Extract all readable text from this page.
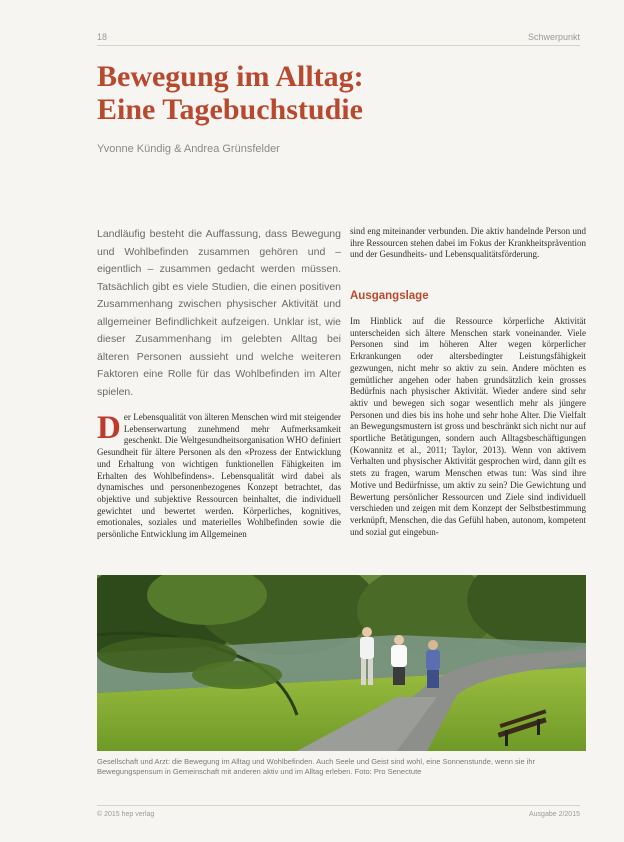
18	Schwerpunkt
Bewegung im Alltag:
Eine Tagebuchstudie
Yvonne Kündig & Andrea Grünsfelder

Landläufig besteht die Auffassung, dass Bewegung und Wohlbefinden zusammen gehören und – eigentlich – zusammen gedacht werden müssen. Tatsächlich gibt es viele Studien, die einen positiven Zusammenhang zwischen physischer Aktivität und allgemeiner Befindlichkeit aufzeigen. Unklar ist, wie dieser Zusammenhang im gelebten Alltag bei älteren Personen aussieht und welche weiteren Faktoren eine Rolle für das Wohlbefinden im Alter spielen.

Der Lebensqualität von älteren Menschen wird mit steigender Lebenserwartung zunehmend mehr Aufmerksamkeit geschenkt. Die Weltgesundheitsorganisation WHO definiert Gesundheit für ältere Personen als den «Prozess der Entwicklung und Erhaltung von wichtigen funktionellen Fähigkeiten im Erhalten des Wohlbefindens». Lebensqualität wird dabei als dynamisches und personenbezogenes Konzept betrachtet, das objektive und subjektive Ressourcen beinhaltet, die individuell gewichtet und bewertet werden. Körperliches, kognitives, emotionales, soziales und materielles Wohlbefinden sowie die persönliche Entwicklung im Allgemeinen

sind eng miteinander verbunden. Die aktiv handelnde Person und ihre Ressourcen stehen dabei im Fokus der Krankheitsprävention und der Gesundheits- und Lebensqualitätsförderung.

Ausgangslage

Im Hinblick auf die Ressource körperliche Aktivität unterscheiden sich ältere Menschen stark voneinander. Viele Personen sind im höheren Alter wegen körperlicher Erkrankungen oder altersbedingter Leistungsfähigkeit gezwungen, nicht mehr so aktiv zu sein. Andere möchten es gemütlicher angehen oder haben grundsätzlich kein grosses Bedürfnis nach physischer Aktivität. Wieder andere sind sehr aktiv und bewegen sich sogar wesentlich mehr als jüngere Personen und dies bis ins hohe und sehr hohe Alter. Die Vielfalt an Bewegungsmustern ist gross und beschränkt sich nicht nur auf sportliche Betätigungen, sondern auch Alltagsbeschäftigungen (Kowannitz et al., 2011; Taylor, 2013). Wenn von aktivem Verhalten und physischer Aktivität gesprochen wird, dann gilt es stets zu fragen, warum Menschen etwas tun: Was sind ihre Motive und Bedürfnisse, um aktiv zu sein? Die Gewichtung und Bewertung persönlicher Ressourcen und Ziele sind individuell verschieden und zeigen mit dem Konzept der Selbstbestimmung verknüpft, Menschen, die das Gefühl haben, autonom, kompetent und sozial gut eingebun-

Gesellschaft und Arzt: die Bewegung im Alltag und Wohlbefinden. Auch Seele und Geist sind wohl, eine Sonnenstunde, wenn sie ihr Bewegungspensum in Gemeinschaft mit anderen aktiv und im Alltag erleben. Foto: Pro Senectute

© 2015 hep verlag	Ausgabe 2/2015
